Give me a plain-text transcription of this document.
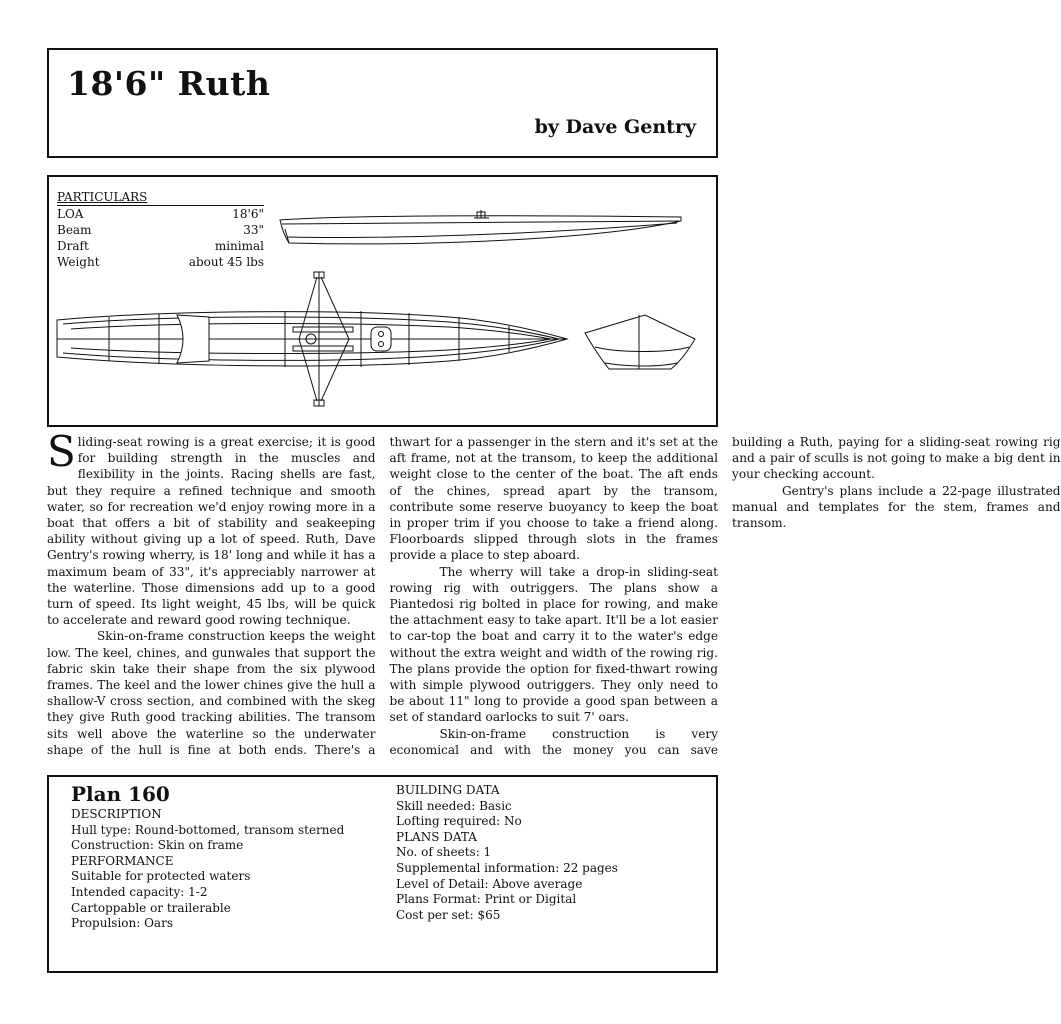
18'6" Ruth
by Dave Gentry
PARTICULARS
LOA	18'6"
Beam	33"
Draft	minimal
Weight	about 45 lbs

Sliding-seat rowing is a great exercise; it is good for building strength in the muscles and flexibility in the joints. Racing shells are fast, but they require a refined technique and smooth water, so for recreation we'd enjoy rowing more in a boat that offers a bit of stability and seakeeping ability without giving up a lot of speed. Ruth, Dave Gentry's rowing wherry, is 18' long and while it has a maximum beam of 33", it's appreciably narrower at the waterline. Those dimensions add up to a good turn of speed. Its light weight, 45 lbs, will be quick to accelerate and reward good rowing technique.

Skin-on-frame construction keeps the weight low. The keel, chines, and gunwales that support the fabric skin take their shape from the six plywood frames. The keel and the lower chines give the hull a shallow-V cross section, and combined with the skeg they give Ruth good tracking abilities. The transom sits well above the waterline so the underwater shape of the hull is fine at both ends. There's a thwart for a passenger in the stern and it's set at the aft frame, not at the transom, to keep the additional weight close to the center of the boat. The aft ends of the chines, spread apart by the transom, contribute some reserve buoyancy to keep the boat in proper trim if you choose to take a friend along. Floorboards slipped through slots in the frames provide a place to step aboard.

The wherry will take a drop-in sliding-seat rowing rig with outriggers. The plans show a Piantedosi rig bolted in place for rowing, and make the attachment easy to take apart. It'll be a lot easier to car-top the boat and carry it to the water's edge without the extra weight and width of the rowing rig. The plans provide the option for fixed-thwart rowing with simple plywood outriggers. They only need to be about 11" long to provide a good span between a set of standard oarlocks to suit 7' oars.

Skin-on-frame construction is very economical and with the money you can save building a Ruth, paying for a sliding-seat rowing rig and a pair of sculls is not going to make a big dent in your checking account.

Gentry's plans include a 22-page illustrated manual and templates for the stem, frames and transom.

Plan 160
DESCRIPTION
Hull type: Round-bottomed, transom sterned
Construction: Skin on frame
PERFORMANCE
Suitable for protected waters
Intended capacity: 1-2
Cartoppable or trailerable
Propulsion: Oars
BUILDING DATA
Skill needed: Basic
Lofting required: No
PLANS DATA
No. of sheets: 1
Supplemental information: 22 pages
Level of Detail: Above average
Plans Format: Print or Digital
Cost per set: $65
